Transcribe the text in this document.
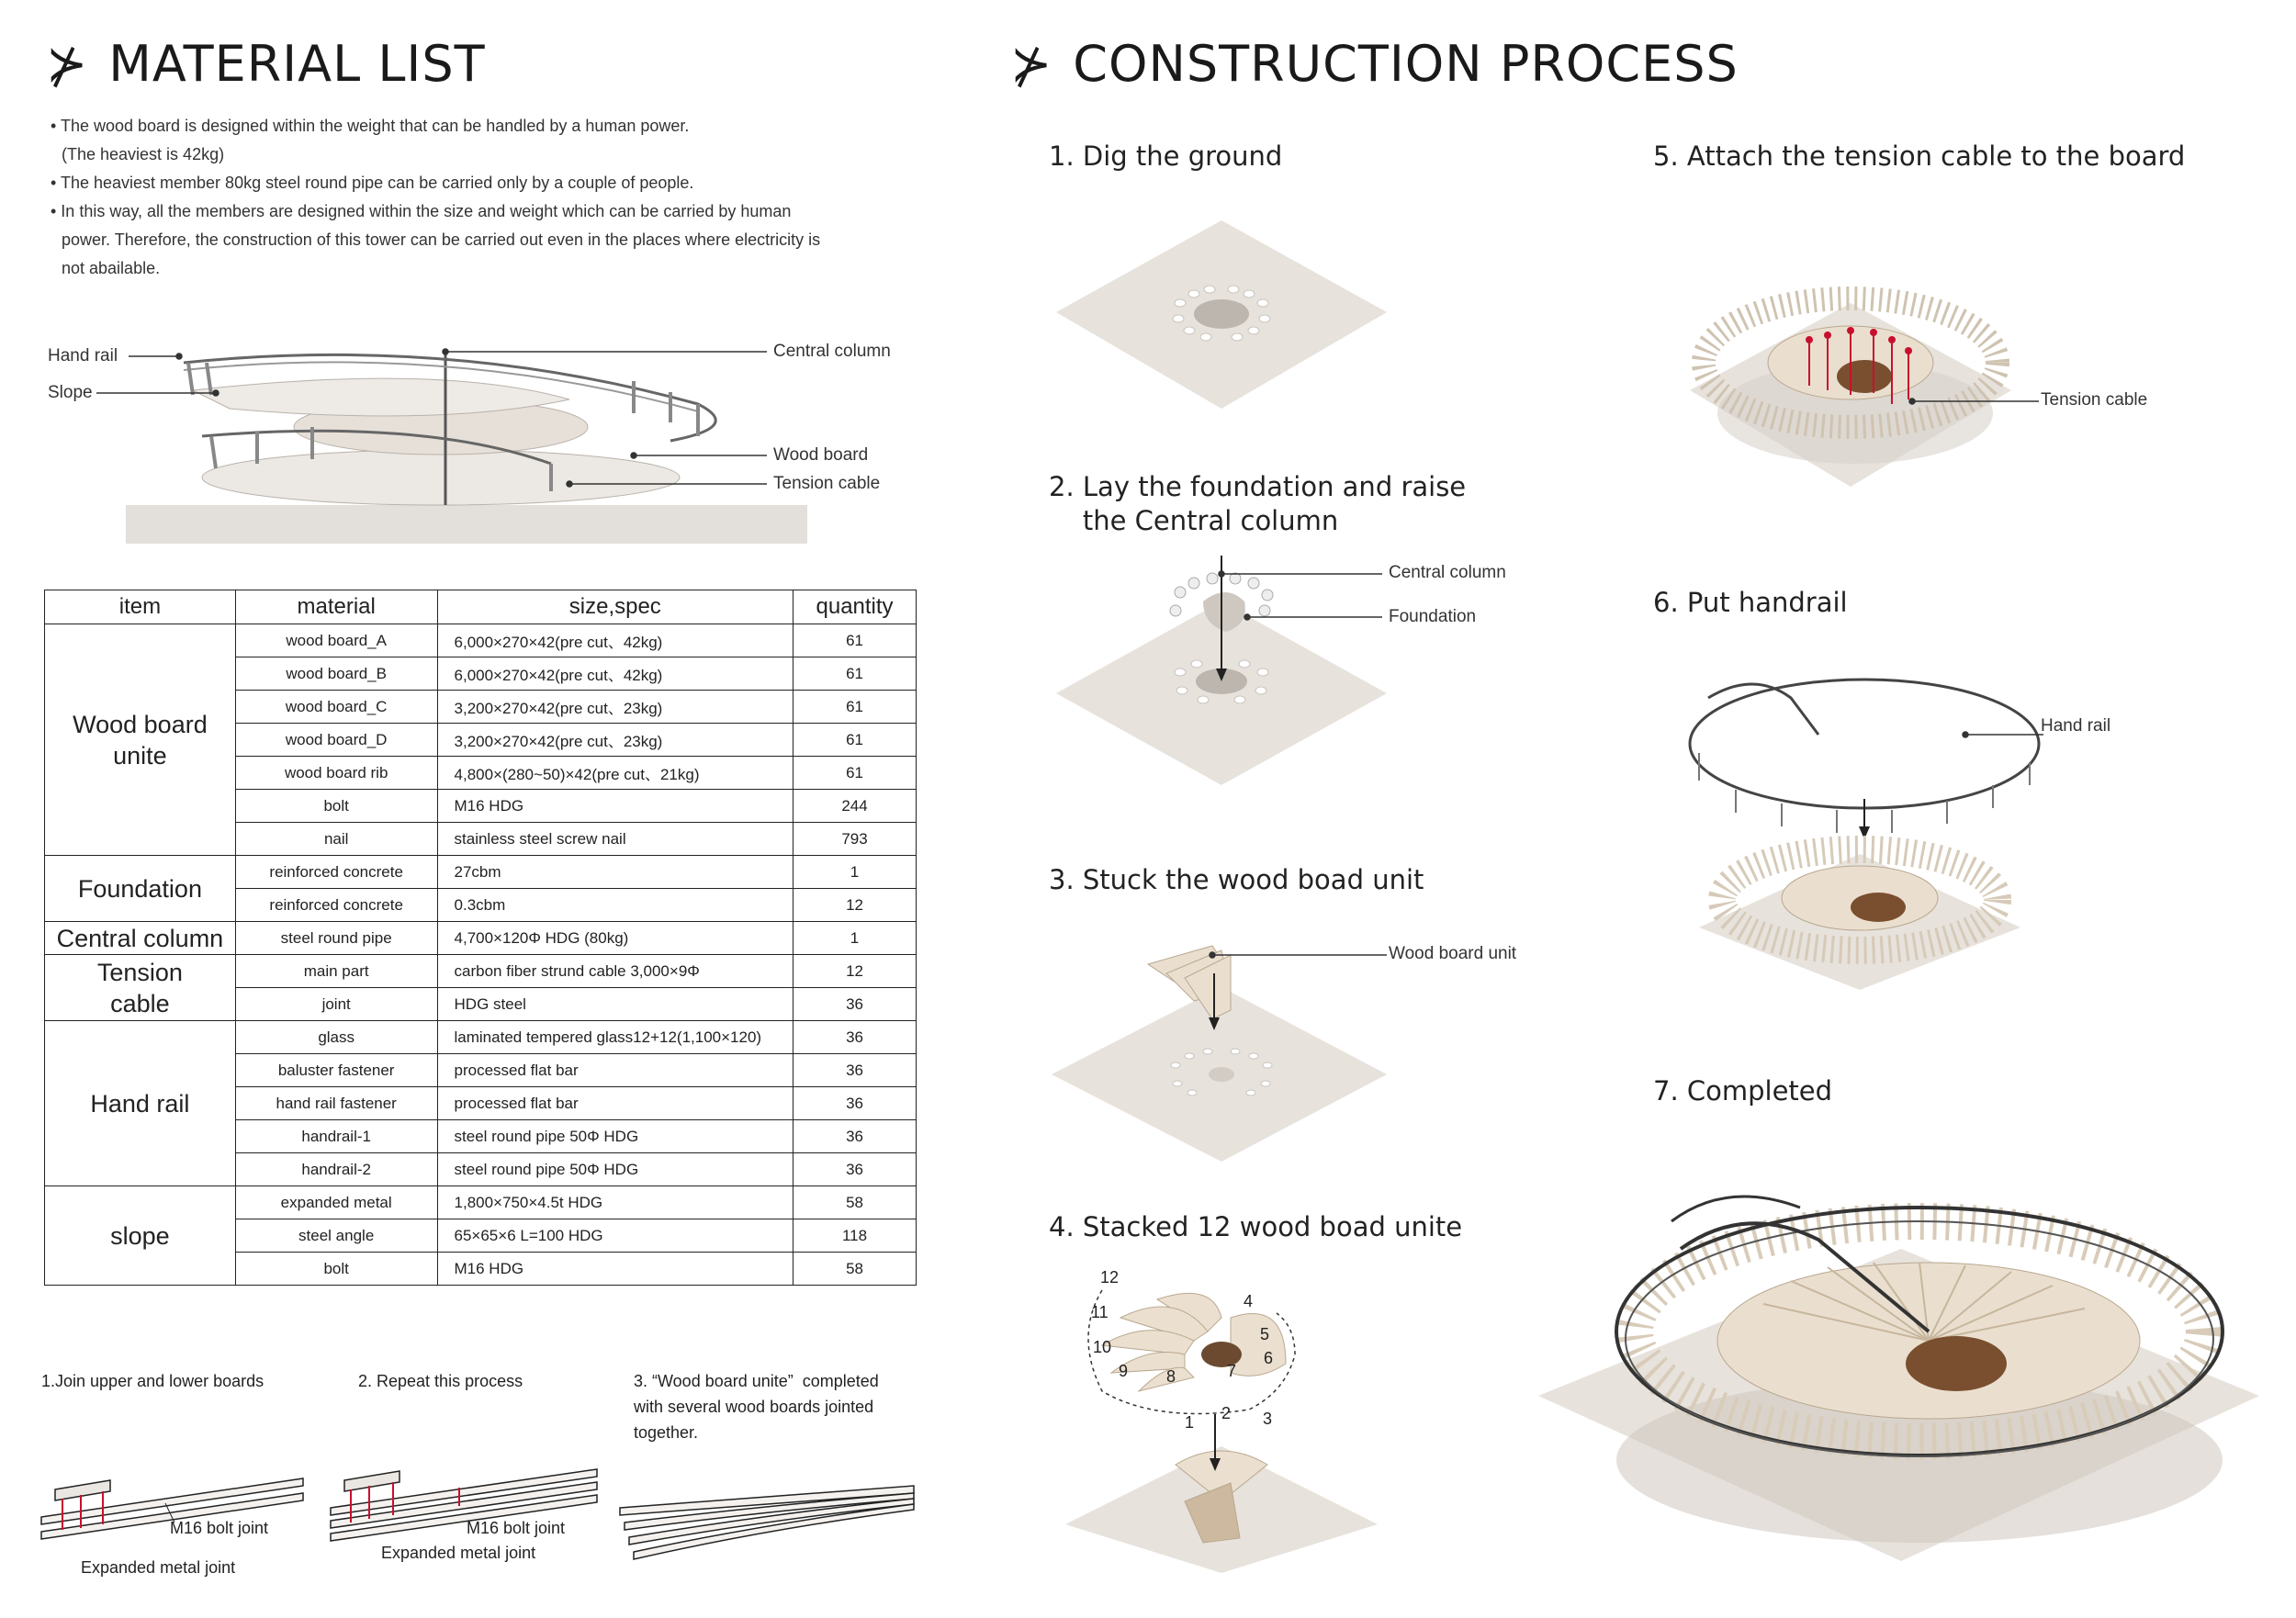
⊁ MATERIAL LIST

• The wood board is designed within the weight that can be handled by a human power.

(The heaviest is 42kg)

• The heaviest member 80kg steel round pipe can be carried only by a couple of people.

• In this way, all the members are designed within the size and weight which can be carried by human

power. Therefore, the construction of this tower can be carried out even in the places where electricity is

not abailable.

Hand rail
Slope
Central column
Wood board
Tension cable
item	material	size,spec	quantity
Wood board
unite	wood board_A	6,000×270×42(pre cut、42kg)	61
	wood board_B	6,000×270×42(pre cut、42kg)	61
	wood board_C	3,200×270×42(pre cut、23kg)	61
	wood board_D	3,200×270×42(pre cut、23kg)	61
	wood board rib	4,800×(280~50)×42(pre cut、21kg)	61
	bolt	M16 HDG	244
	nail	stainless steel screw nail	793
Foundation	reinforced concrete	27cbm	1
	reinforced concrete	0.3cbm	12
Central column	steel round pipe	4,700×120Φ HDG (80kg)	1
Tension
cable	main part	carbon fiber strund cable 3,000×9Φ	12
	joint	HDG steel	36
Hand rail	glass	laminated tempered glass12+12(1,100×120)	36
	baluster fastener	processed flat bar	36
	hand rail fastener	processed flat bar	36
	handrail-1	steel round pipe 50Φ HDG	36
	handrail-2	steel round pipe 50Φ HDG	36
slope	expanded metal	1,800×750×4.5t HDG	58
	steel angle	65×65×6 L=100 HDG	118
	bolt	M16 HDG	58
1.Join upper and lower boards	2. Repeat this process	3. “Wood board unite”  completed
with several wood boards jointed
together.
M16 bolt joint
Expanded metal joint
M16 bolt joint
Expanded metal joint
⊁ CONSTRUCTION PROCESS
1. Dig the ground
2. Lay the foundation and raise
the Central column
3. Stuck the wood boad unit
4. Stacked 12 wood boad unite
5. Attach the tension cable to the board
6. Put handrail
7. Completed
Central column
Foundation
Wood board unit
12
11
10
9 8	7
6
5
4
3
2
1
Tension cable
Hand rail
